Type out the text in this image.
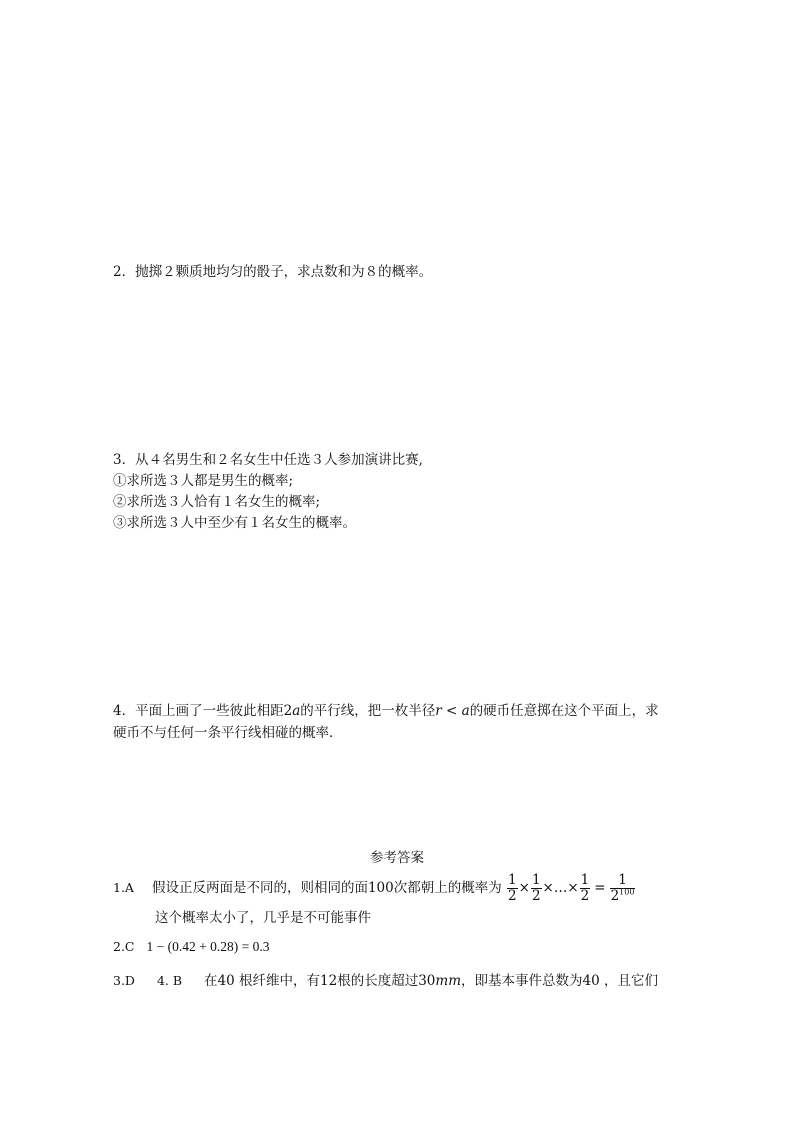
2．抛掷２颗质地均匀的骰子，求点数和为８的概率。
3．从４名男生和２名女生中任选３人参加演讲比赛,
①求所选３人都是男生的概率;
②求所选３人恰有１名女生的概率;
③求所选３人中至少有１名女生的概率。
4．平面上画了一些彼此相距2a的平行线，把一枚半径r < a的硬币任意掷在这个平面上，求
硬币不与任何一条平行线相碰的概率．
参考答案
1.A 假设正反两面是不同的，则相同的面100次都朝上的概率为 $\frac{1}{2} \times \frac{1}{2}$ ×…× $\frac{1}{2} = \frac{1}{2^{100}}$
这个概率太小了，几乎是不可能事件
2.C 1 − (0.42 + 0.28) = 0.3
3.D 4. B 在40 根纤维中，有12根的长度超过30mm，即基本事件总数为40 ，且它们
